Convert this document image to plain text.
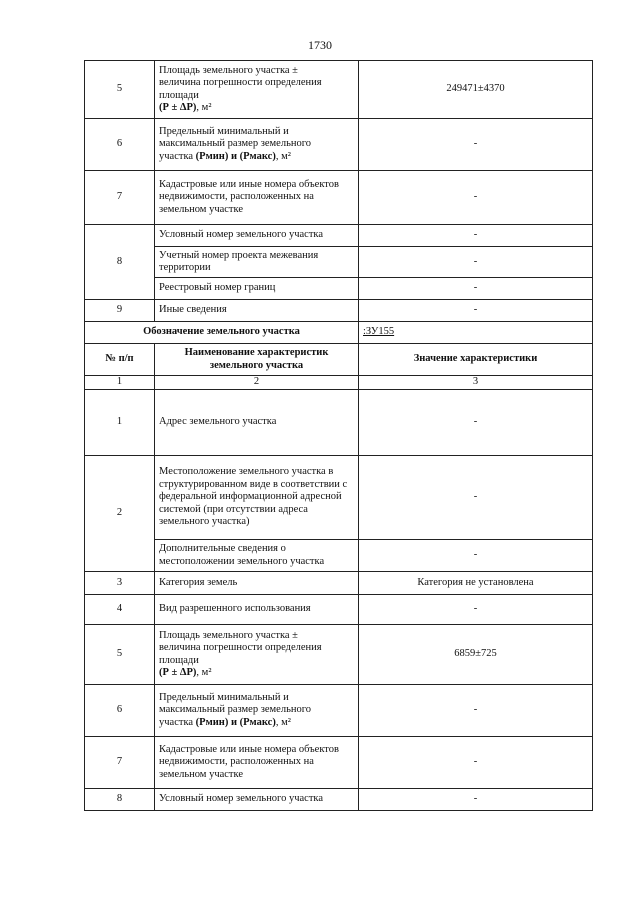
1730
5	Площадь земельного участка ±
величина погрешности определения
площади
(Р ± ΔР), м²	249471±4370
6	Предельный минимальный и
максимальный размер земельного
участка (Рмин) и (Рмакс), м²	-
7	Кадастровые или иные номера объектов недвижимости, расположенных на земельном участке	-
8	Условный номер земельного участка	-
	Учетный номер проекта межевания территории	-
	Реестровый номер границ	-
9	Иные сведения	-
Обозначение земельного участка		:ЗУ155
№ п/п	Наименование характеристик земельного участка	Значение характеристики
1	2	3
1	Адрес земельного участка	-
2	Местоположение земельного участка в структурированном виде в соответствии с федеральной информационной адресной системой (при отсутствии адреса земельного участка)	-
	Дополнительные сведения о местоположении земельного участка	-
3	Категория земель	Категория не установлена
4	Вид разрешенного использования	-
5	Площадь земельного участка ±
величина погрешности определения
площади
(Р ± ΔР), м²	6859±725
6	Предельный минимальный и
максимальный размер земельного
участка (Рмин) и (Рмакс), м²	-
7	Кадастровые или иные номера объектов недвижимости, расположенных на земельном участке	-
8	Условный номер земельного участка	-
